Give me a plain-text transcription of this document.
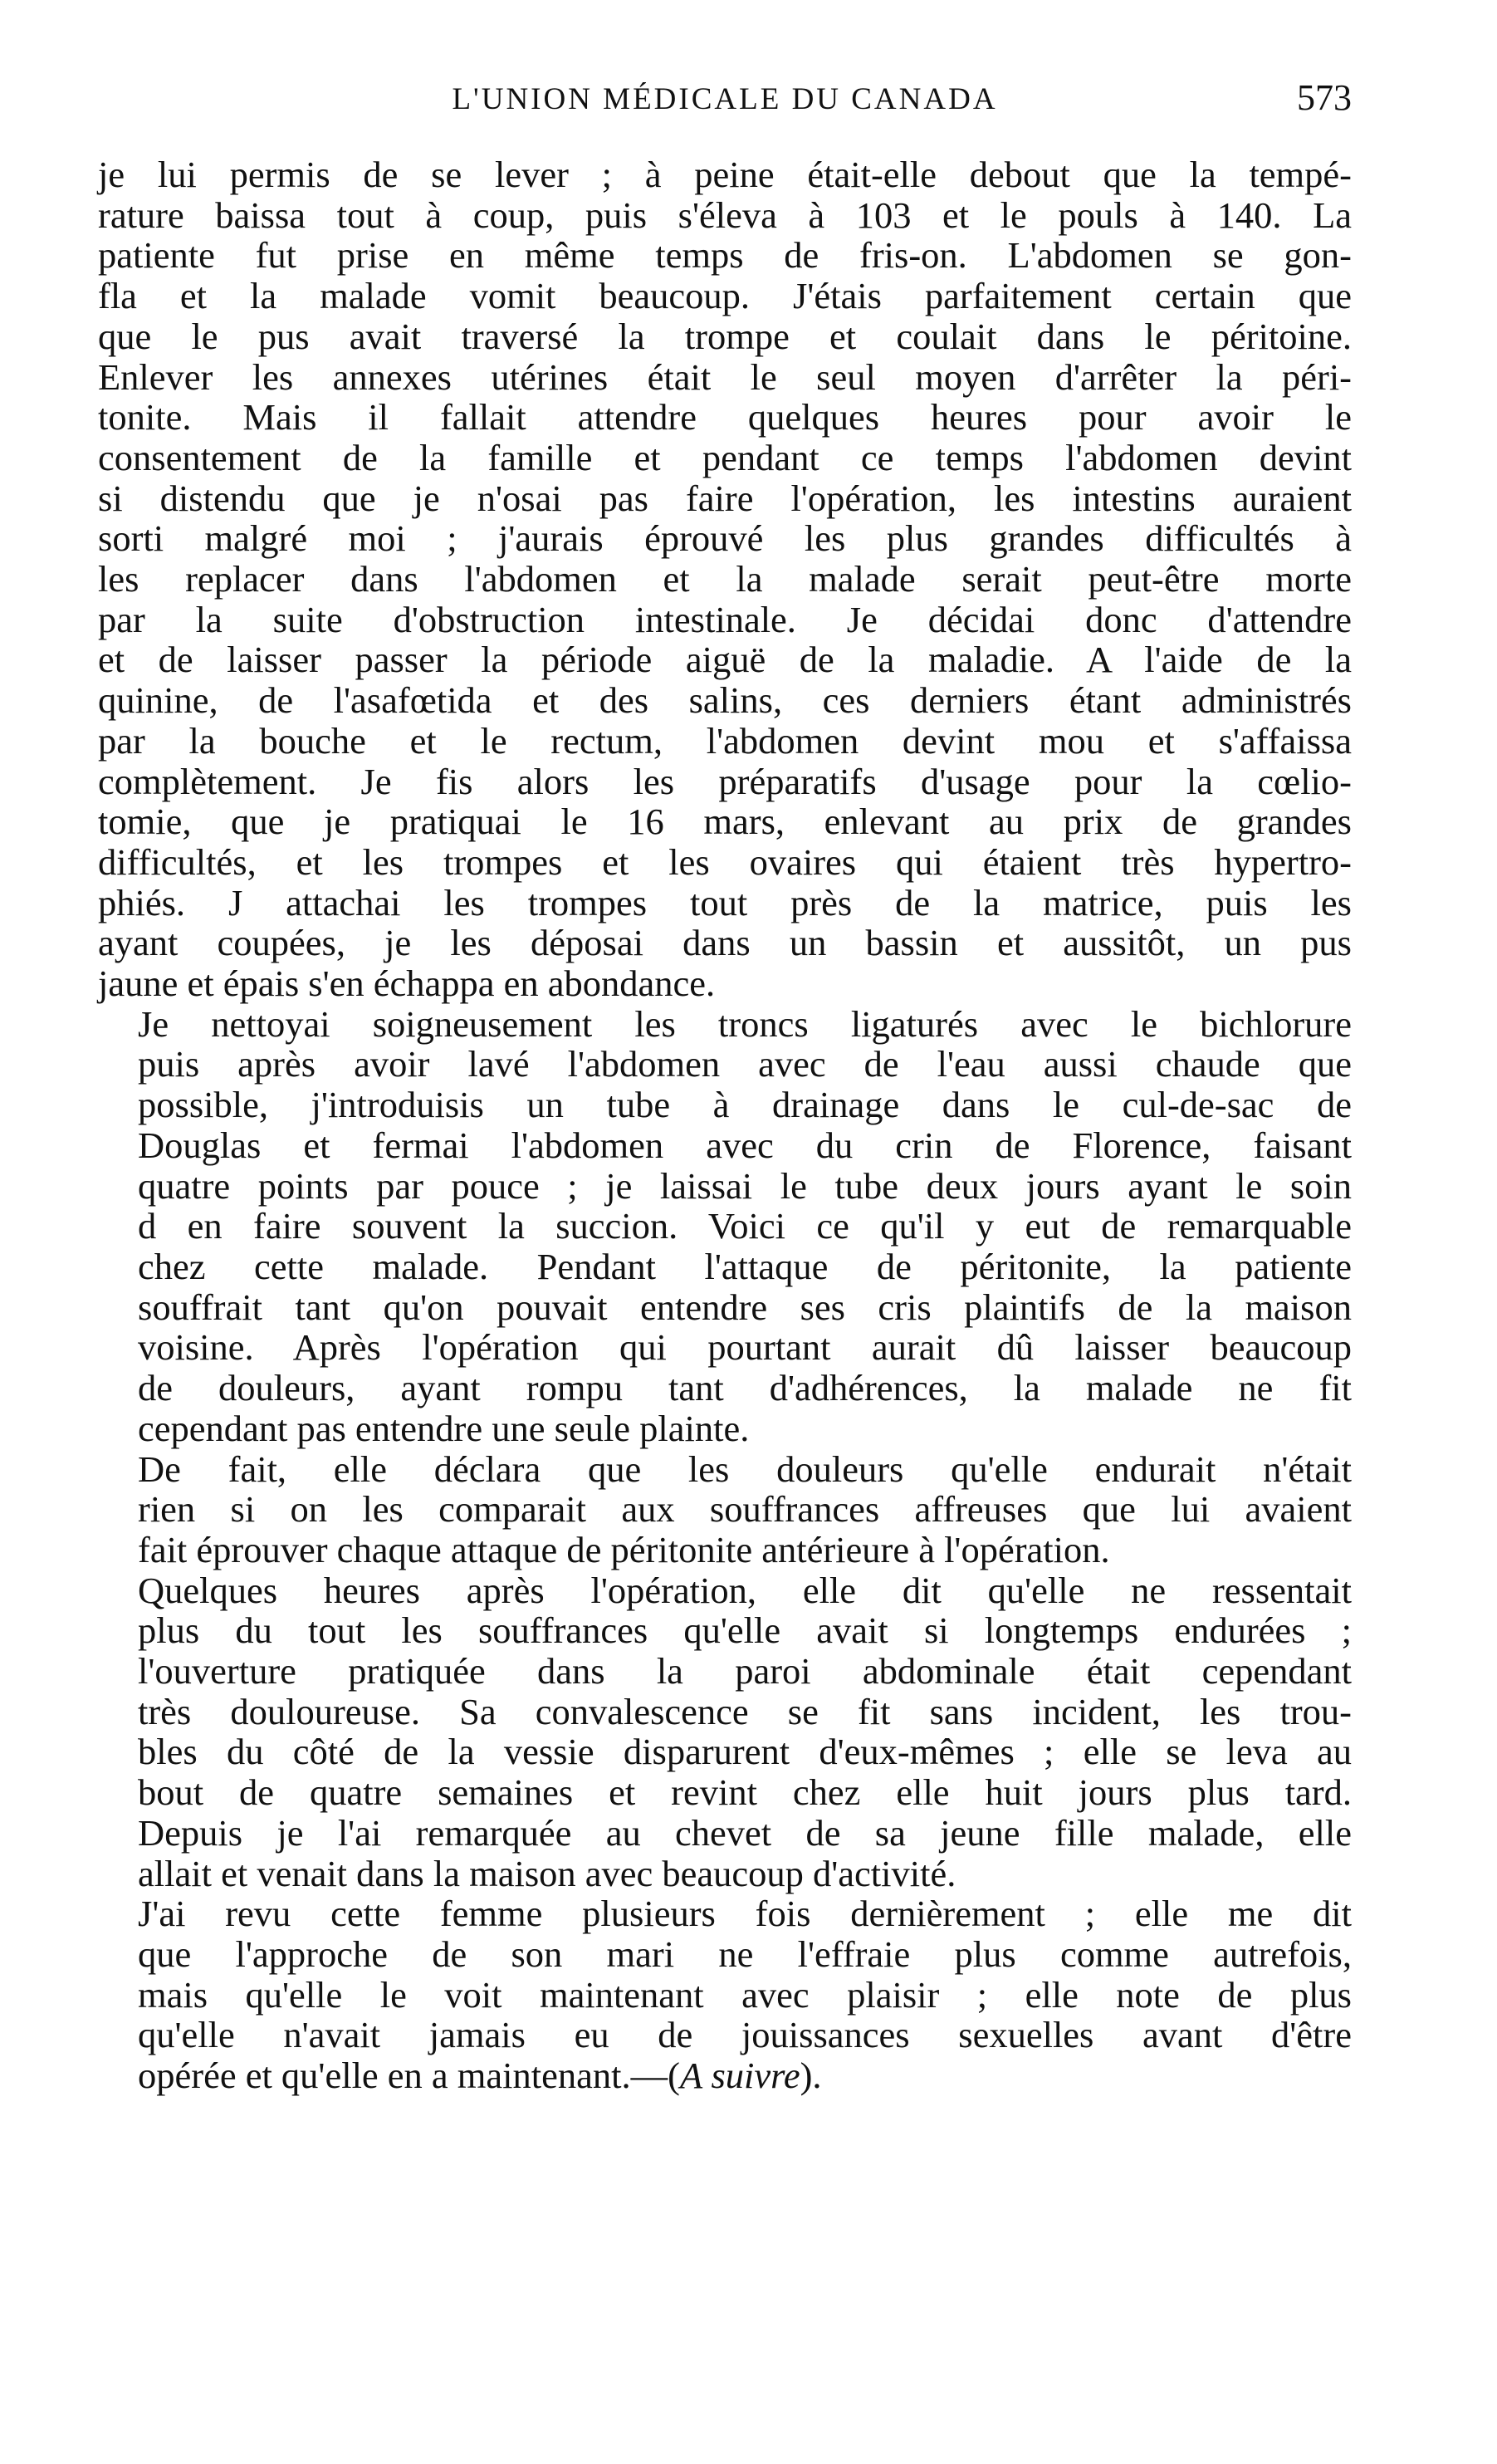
L'UNION MÉDICALE DU CANADA	573
je lui permis de se lever ; à peine était-elle debout que la tempé-
rature baissa tout à coup, puis s'éleva à 103 et le pouls à 140. La
patiente fut prise en même temps de fris-on. L'abdomen se gon-
fla et la malade vomit beaucoup. J'étais parfaitement certain que
que le pus avait traversé la trompe et coulait dans le péritoine.
Enlever les annexes utérines était le seul moyen d'arrêter la péri-
tonite. Mais il fallait attendre quelques heures pour avoir le
consentement de la famille et pendant ce temps l'abdomen devint
si distendu que je n'osai pas faire l'opération, les intestins auraient
sorti malgré moi ; j'aurais éprouvé les plus grandes difficultés à
les replacer dans l'abdomen et la malade serait peut-être morte
par la suite d'obstruction intestinale. Je décidai donc d'attendre
et de laisser passer la période aiguë de la maladie. A l'aide de la
quinine, de l'asafœtida et des salins, ces derniers étant administrés
par la bouche et le rectum, l'abdomen devint mou et s'affaissa
complètement. Je fis alors les préparatifs d'usage pour la cœlio-
tomie, que je pratiquai le 16 mars, enlevant au prix de grandes
difficultés, et les trompes et les ovaires qui étaient très hypertro-
phiés. J attachai les trompes tout près de la matrice, puis les
ayant coupées, je les déposai dans un bassin et aussitôt, un pus
jaune et épais s'en échappa en abondance.
Je nettoyai soigneusement les troncs ligaturés avec le bichlorure
puis après avoir lavé l'abdomen avec de l'eau aussi chaude que
possible, j'introduisis un tube à drainage dans le cul-de-sac de
Douglas et fermai l'abdomen avec du crin de Florence, faisant
quatre points par pouce ; je laissai le tube deux jours ayant le soin
d en faire souvent la succion. Voici ce qu'il y eut de remarquable
chez cette malade. Pendant l'attaque de péritonite, la patiente
souffrait tant qu'on pouvait entendre ses cris plaintifs de la maison
voisine. Après l'opération qui pourtant aurait dû laisser beaucoup
de douleurs, ayant rompu tant d'adhérences, la malade ne fit
cependant pas entendre une seule plainte.
De fait, elle déclara que les douleurs qu'elle endurait n'était
rien si on les comparait aux souffrances affreuses que lui avaient
fait éprouver chaque attaque de péritonite antérieure à l'opération.
Quelques heures après l'opération, elle dit qu'elle ne ressentait
plus du tout les souffrances qu'elle avait si longtemps endurées ;
l'ouverture pratiquée dans la paroi abdominale était cependant
très douloureuse. Sa convalescence se fit sans incident, les trou-
bles du côté de la vessie disparurent d'eux-mêmes ; elle se leva au
bout de quatre semaines et revint chez elle huit jours plus tard.
Depuis je l'ai remarquée au chevet de sa jeune fille malade, elle
allait et venait dans la maison avec beaucoup d'activité.
J'ai revu cette femme plusieurs fois dernièrement ; elle me dit
que l'approche de son mari ne l'effraie plus comme autrefois,
mais qu'elle le voit maintenant avec plaisir ; elle note de plus
qu'elle n'avait jamais eu de jouissances sexuelles avant d'être
opérée et qu'elle en a maintenant.—(A suivre).
